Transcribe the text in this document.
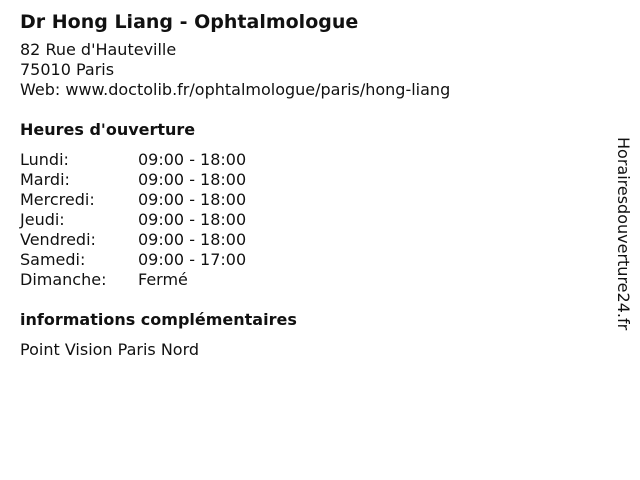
Dr Hong Liang - Ophtalmologue
82 Rue d'Hauteville
75010 Paris
Web: www.doctolib.fr/ophtalmologue/paris/hong-liang
Heures d'ouverture
Lundi:	09:00 - 18:00
Mardi:	09:00 - 18:00
Mercredi:	09:00 - 18:00
Jeudi:	09:00 - 18:00
Vendredi:	09:00 - 18:00
Samedi:	09:00 - 17:00
Dimanche:	Fermé
informations complémentaires
Point Vision Paris Nord
Horairesdouverture24.fr
